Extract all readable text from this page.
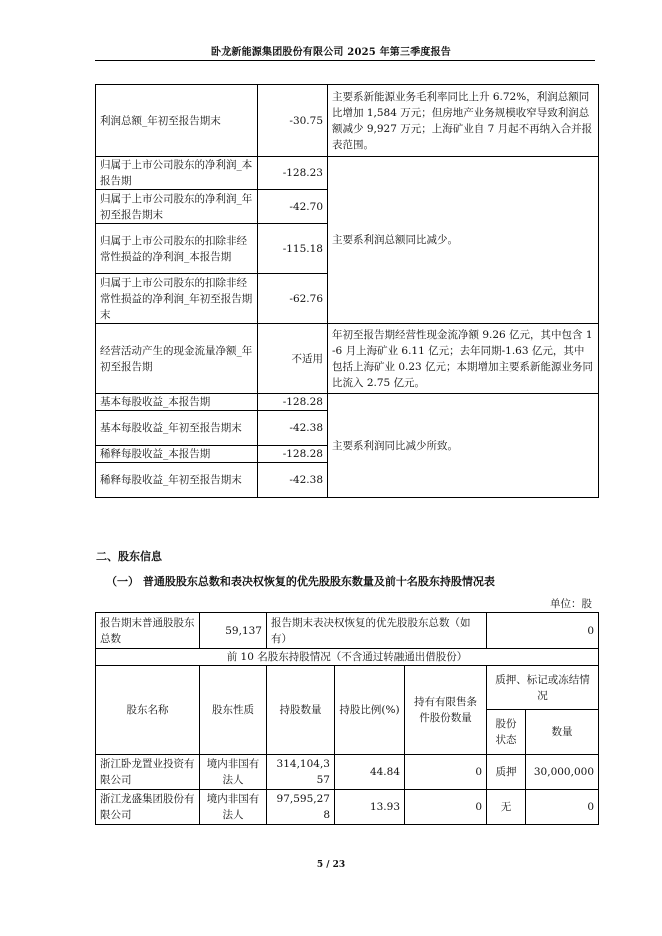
卧龙新能源集团股份有限公司 2025 年第三季度报告
利润总额_年初至报告期末	-30.75	主要系新能源业务毛利率同比上升 6.72%，利润总额同比增加 1,584 万元；但房地产业务规模收窄导致利润总额减少 9,927 万元；上海矿业自 7 月起不再纳入合并报表范围。
归属于上市公司股东的净利润_本报告期	-128.23	主要系利润总额同比减少。
归属于上市公司股东的净利润_年初至报告期末	-42.70	
归属于上市公司股东的扣除非经常性损益的净利润_本报告期	-115.18	
归属于上市公司股东的扣除非经常性损益的净利润_年初至报告期末	-62.76	
经营活动产生的现金流量净额_年初至报告期	不适用	年初至报告期经营性现金流净额 9.26 亿元，其中包含 1-6 月上海矿业 6.11 亿元；去年同期-1.63 亿元，其中包括上海矿业 0.23 亿元；本期增加主要系新能源业务同比流入 2.75 亿元。
基本每股收益_本报告期	-128.28	主要系利润同比减少所致。
基本每股收益_年初至报告期末	-42.38	
稀释每股收益_本报告期	-128.28	
稀释每股收益_年初至报告期末	-42.38	
二、股东信息
（一） 普通股股东总数和表决权恢复的优先股股东数量及前十名股东持股情况表
单位：股
报告期末普通股股东总数	59,137	报告期末表决权恢复的优先股股东总数（如有）			0	
前 10 名股东持股情况（不含通过转融通出借股份）						
股东名称	股东性质	持股数量	持股比例(%)	持有有限售条件股份数量	质押、标记或冻结情况	
					股份状态	数量
浙江卧龙置业投资有限公司	境内非国有法人	314,104,357	44.84	0	质押	30,000,000
浙江龙盛集团股份有限公司	境内非国有法人	97,595,278	13.93	0	无	0
5 / 23
